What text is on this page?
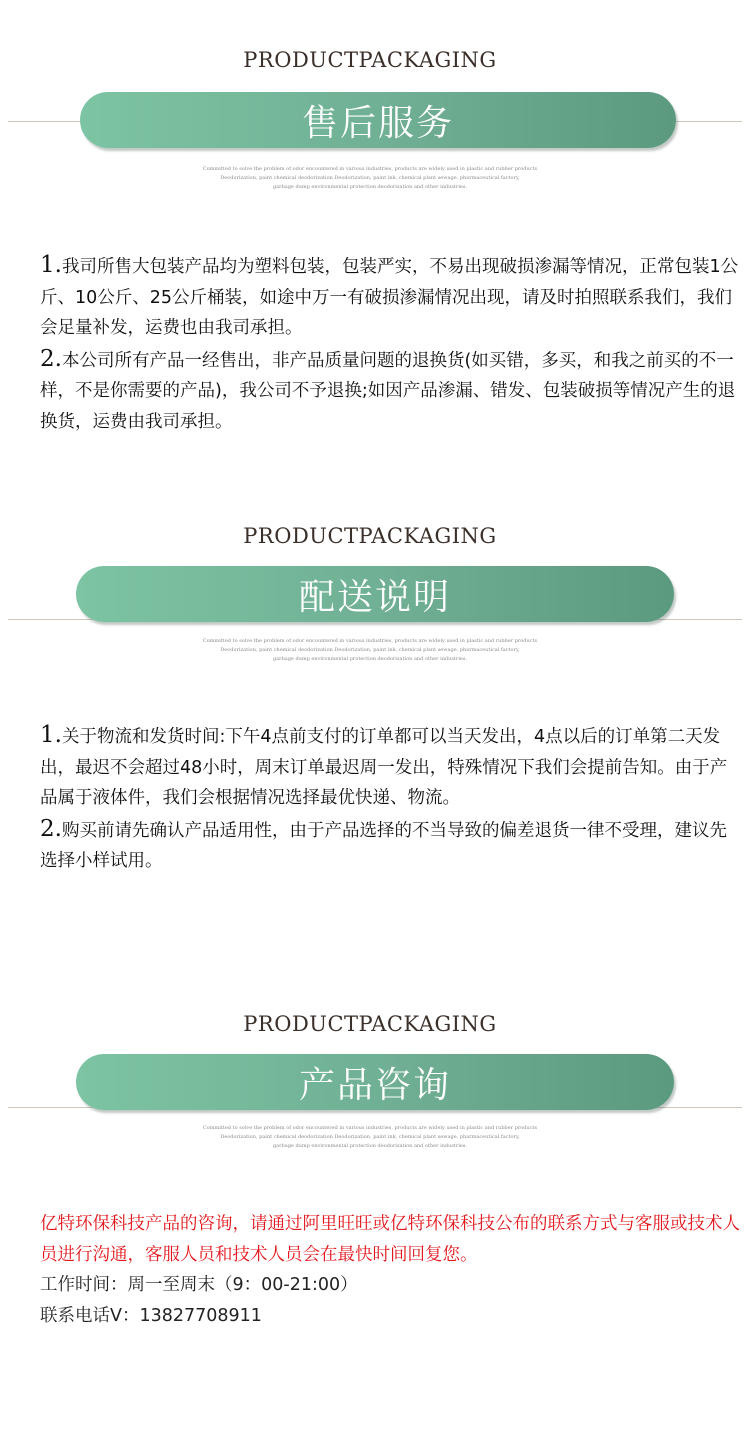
PRODUCTPACKAGING
售后服务
Committed to solve the problem of odor encountered in various industries, products are widely used in plastic and rubber products
Deodorization, paint chemical deodorization Deodorization, paint ink, chemical plant sewage, pharmaceutical factory,
garbage dump environmental protection deodorization and other industries.

1.我司所售大包装产品均为塑料包装，包装严实，不易出现破损渗漏等情况，正常包装1公斤、10公斤、25公斤桶装，如途中万一有破损渗漏情况出现，请及时拍照联系我们，我们会足量补发，运费也由我司承担。

2.本公司所有产品一经售出，非产品质量问题的退换货(如买错，多买，和我之前买的不一样，不是你需要的产品)，我公司不予退换;如因产品渗漏、错发、包装破损等情况产生的退换货，运费由我司承担。

PRODUCTPACKAGING
配送说明
Committed to solve the problem of odor encountered in various industries, products are widely used in plastic and rubber products
Deodorization, paint chemical deodorization Deodorization, paint ink, chemical plant sewage, pharmaceutical factory,
garbage dump environmental protection deodorization and other industries.

1.关于物流和发货时间:下午4点前支付的订单都可以当天发出，4点以后的订单第二天发出，最迟不会超过48小时，周末订单最迟周一发出，特殊情况下我们会提前告知。由于产品属于液体件，我们会根据情况选择最优快递、物流。

2.购买前请先确认产品适用性，由于产品选择的不当导致的偏差退货一律不受理，建议先选择小样试用。

PRODUCTPACKAGING
产品咨询
Committed to solve the problem of odor encountered in various industries, products are widely used in plastic and rubber products
Deodorization, paint chemical deodorization Deodorization, paint ink, chemical plant sewage, pharmaceutical factory,
garbage dump environmental protection deodorization and other industries.

亿特环保科技产品的咨询，请通过阿里旺旺或亿特环保科技公布的联系方式与客服或技术人员进行沟通，客服人员和技术人员会在最快时间回复您。

工作时间：周一至周末（9：00-21:00）

联系电话V：13827708911
